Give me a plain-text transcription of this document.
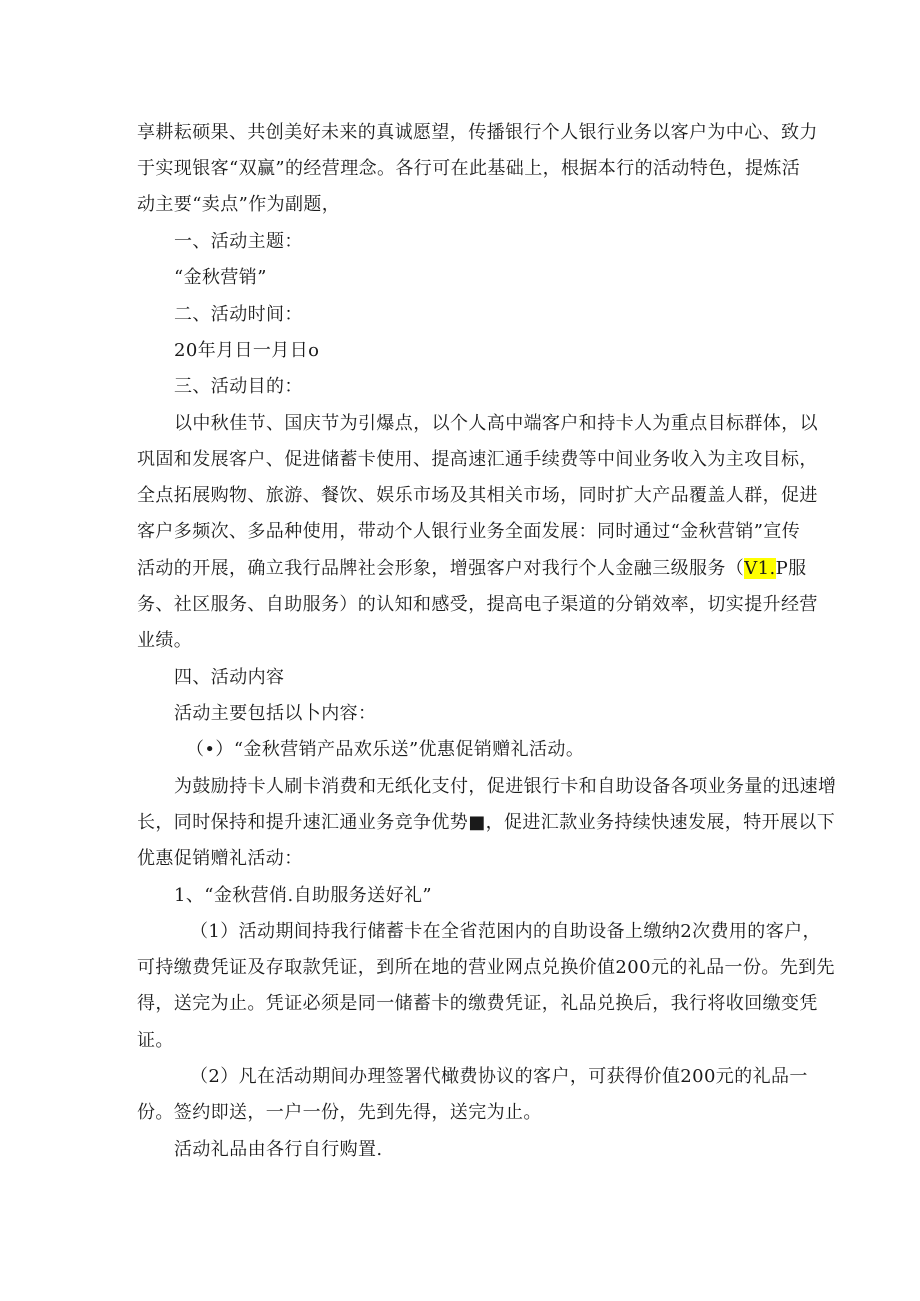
享耕耘硕果、共创美好未来的真诚愿望，传播银行个人银行业务以客户为中心、致力
于实现银客“双赢”的经营理念。各行可在此基础上，根据本行的活动特色，提炼活
动主要“卖点”作为副题，
一、活动主题：
“金秋营销”
二、活动时间：
20年月日一月日o
三、活动目的：
以中秋佳节、国庆节为引爆点，以个人高中端客户和持卡人为重点目标群体，以
巩固和发展客户、促进储蓄卡使用、提高速汇通手续费等中间业务收入为主攻目标，
全点拓展购物、旅游、餐饮、娱乐市场及其相关市场，同时扩大产品覆盖人群，促进
客户多频次、多品种使用，带动个人银行业务全面发展：同时通过“金秋营销”宣传
活动的开展，确立我行品牌社会形象，增强客户对我行个人金融三级服务（V1.P服
务、社区服务、自助服务）的认知和感受，提高电子渠道的分销效率，切实提升经营
业绩。
四、活动内容
活动主要包括以卜内容：
（•）“金秋营销产品欢乐送”优惠促销赠礼活动。
为鼓励持卡人刷卡消费和无纸化支付，促进银行卡和自助设备各项业务量的迅速增
长，同时保持和提升速汇通业务竞争优势■，促进汇款业务持续快速发展，特开展以下
优惠促销赠礼活动：
1、“金秋营俏.自助服务送好礼”
（1）活动期间持我行储蓄卡在全省范困内的自助设备上缴纳2次费用的客户，
可持缴费凭证及存取款凭证，到所在地的营业网点兑换价值200元的礼品一份。先到先
得，送完为止。凭证必须是同一储蓄卡的缴费凭证，礼品兑换后，我行将收回缴变凭
证。
（2）凡在活动期间办理签署代橄费协议的客户，可获得价值200元的礼品一
份。签约即送，一户一份，先到先得，送完为止。
活动礼品由各行自行购置.
